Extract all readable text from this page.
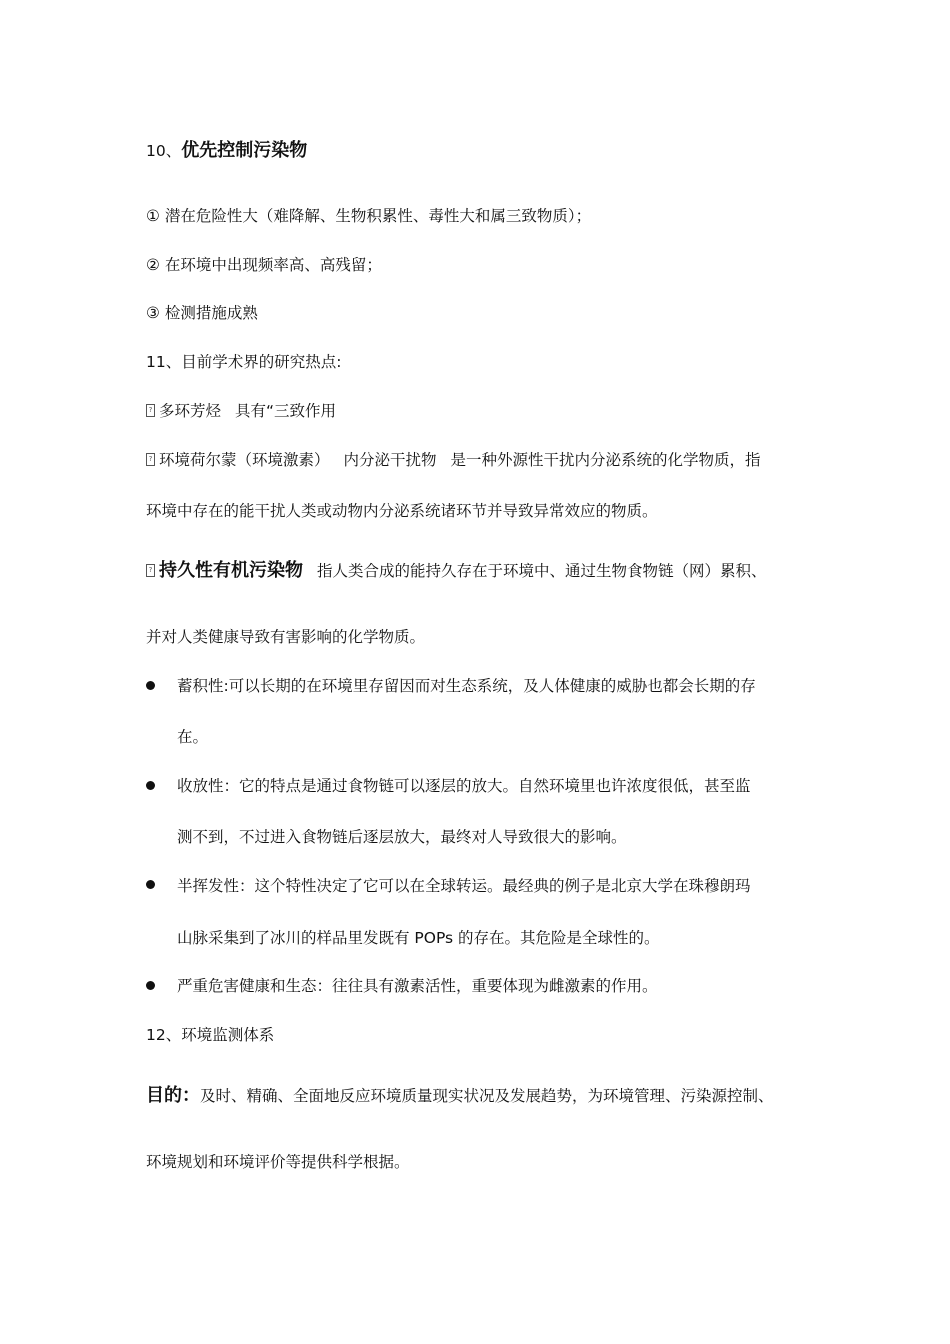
10、优先控制污染物
① 潜在危险性大（难降解、生物积累性、毒性大和属三致物质）；
② 在环境中出现频率高、高残留；
③ 检测措施成熟
11、目前学术界的研究热点:
? 多环芳烃 具有“三致作用
? 环境荷尔蒙（环境激素） 内分泌干扰物 是一种外源性干扰内分泌系统的化学物质，指
环境中存在的能干扰人类或动物内分泌系统诸环节并导致异常效应的物质。
? 持久性有机污染物 指人类合成的能持久存在于环境中、通过生物食物链（网）累积、
并对人类健康导致有害影响的化学物质。
蓄积性:可以长期的在环境里存留因而对生态系统，及人体健康的威胁也都会长期的存
在。
收放性：它的特点是通过食物链可以逐层的放大。自然环境里也许浓度很低，甚至监
测不到，不过进入食物链后逐层放大，最终对人导致很大的影响。
半挥发性：这个特性决定了它可以在全球转运。最经典的例子是北京大学在珠穆朗玛
山脉采集到了冰川的样品里发既有 POPs 的存在。其危险是全球性的。
严重危害健康和生态：往往具有激素活性，重要体现为雌激素的作用。
12、环境监测体系
目的：及时、精确、全面地反应环境质量现实状况及发展趋势，为环境管理、污染源控制、
环境规划和环境评价等提供科学根据。
